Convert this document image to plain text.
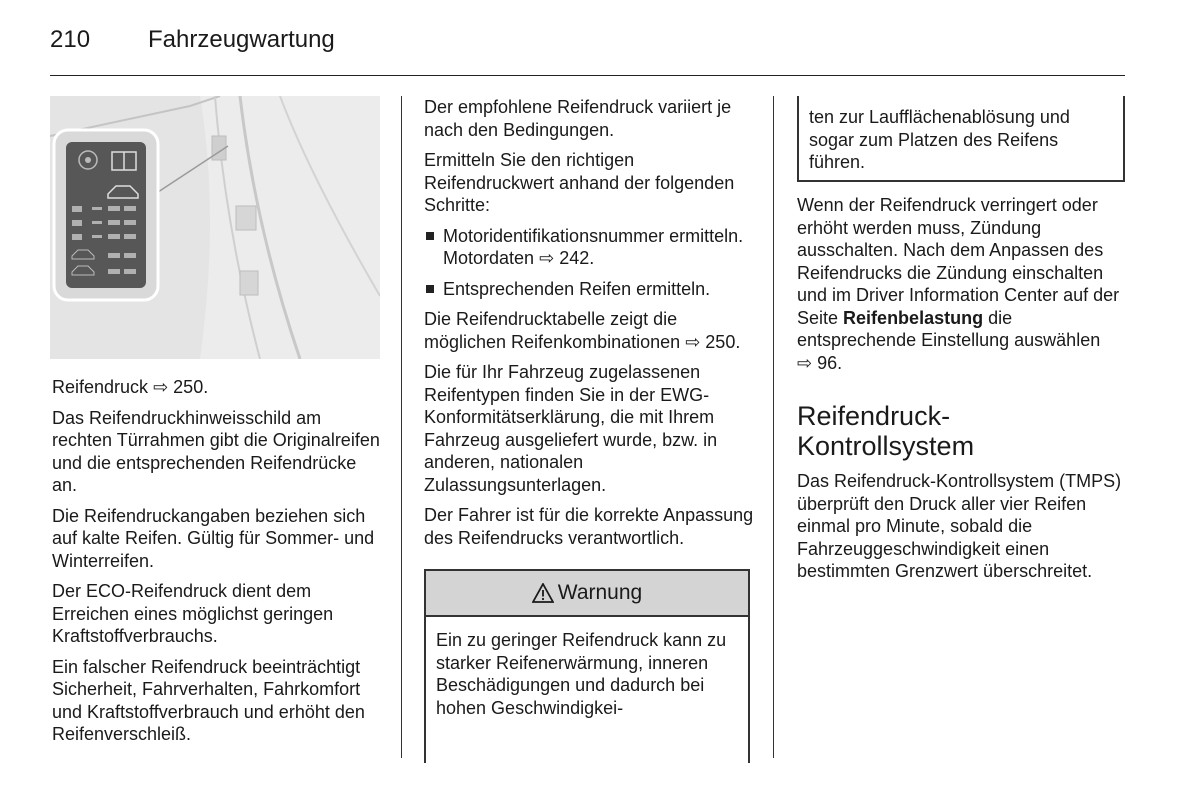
210 Fahrzeugwartung

Reifendruck ⇨ 250.

Das Reifendruckhinweisschild am rechten Türrahmen gibt die Originalreifen und die entsprechenden Reifendrücke an.

Die Reifendruckangaben beziehen sich auf kalte Reifen. Gültig für Sommer- und Winterreifen.

Der ECO-Reifendruck dient dem Erreichen eines möglichst geringen Kraftstoffverbrauchs.

Ein falscher Reifendruck beeinträchtigt Sicherheit, Fahrverhalten, Fahrkomfort und Kraftstoffverbrauch und erhöht den Reifenverschleiß.

Der empfohlene Reifendruck variiert je nach den Bedingungen.

Ermitteln Sie den richtigen Reifendruckwert anhand der folgenden Schritte:

Motoridentifikationsnummer ermitteln. Motordaten ⇨ 242.
Entsprechenden Reifen ermitteln.

Die Reifendrucktabelle zeigt die möglichen Reifenkombinationen ⇨ 250.

Die für Ihr Fahrzeug zugelassenen Reifentypen finden Sie in der EWG-Konformitätserklärung, die mit Ihrem Fahrzeug ausgeliefert wurde, bzw. in anderen, nationalen Zulassungsunterlagen.

Der Fahrer ist für die korrekte Anpassung des Reifendrucks verantwortlich.

Warnung
Ein zu geringer Reifendruck kann zu starker Reifenerwärmung, inneren Beschädigungen und dadurch bei hohen Geschwindigkei-
ten zur Laufflächenablösung und sogar zum Platzen des Reifens führen.

Wenn der Reifendruck verringert oder erhöht werden muss, Zündung ausschalten. Nach dem Anpassen des Reifendrucks die Zündung einschalten und im Driver Information Center auf der Seite Reifenbelastung die entsprechende Einstellung auswählen ⇨ 96.

Reifendruck-Kontrollsystem

Das Reifendruck-Kontrollsystem (TMPS) überprüft den Druck aller vier Reifen einmal pro Minute, sobald die Fahrzeuggeschwindigkeit einen bestimmten Grenzwert überschreitet.
